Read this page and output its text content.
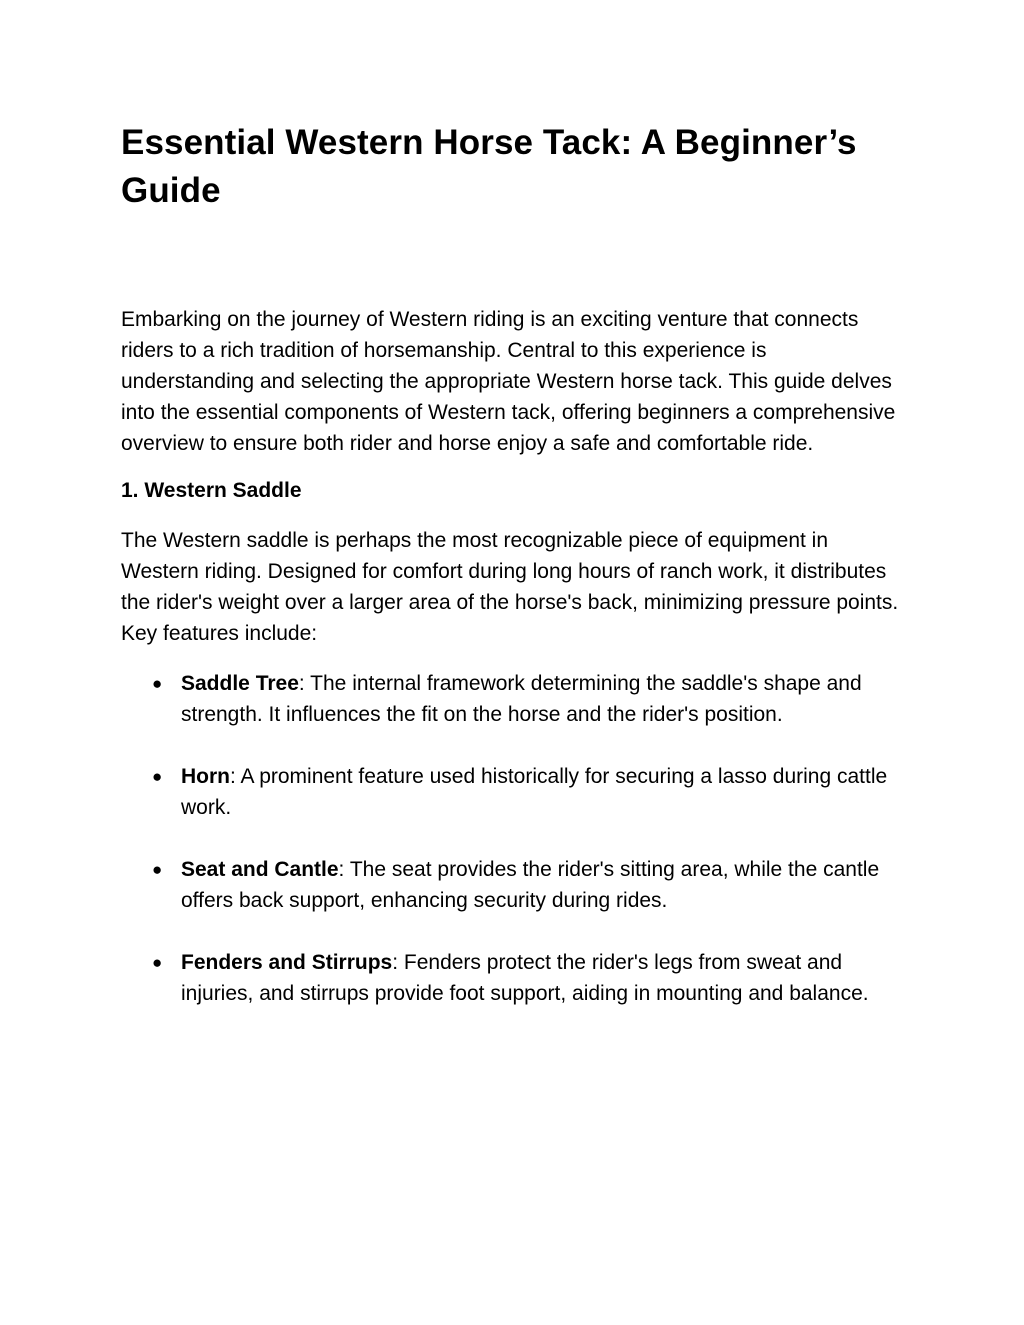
Essential Western Horse Tack: A Beginner’s Guide

Embarking on the journey of Western riding is an exciting venture that connects riders to a rich tradition of horsemanship. Central to this experience is understanding and selecting the appropriate Western horse tack. This guide delves into the essential components of Western tack, offering beginners a comprehensive overview to ensure both rider and horse enjoy a safe and comfortable ride.

1. Western Saddle

The Western saddle is perhaps the most recognizable piece of equipment in Western riding. Designed for comfort during long hours of ranch work, it distributes the rider's weight over a larger area of the horse's back, minimizing pressure points. Key features include:

● Saddle Tree: The internal framework determining the saddle's shape and strength. It influences the fit on the horse and the rider's position.
● Horn: A prominent feature used historically for securing a lasso during cattle work.
● Seat and Cantle: The seat provides the rider's sitting area, while the cantle offers back support, enhancing security during rides.
● Fenders and Stirrups: Fenders protect the rider's legs from sweat and injuries, and stirrups provide foot support, aiding in mounting and balance.
